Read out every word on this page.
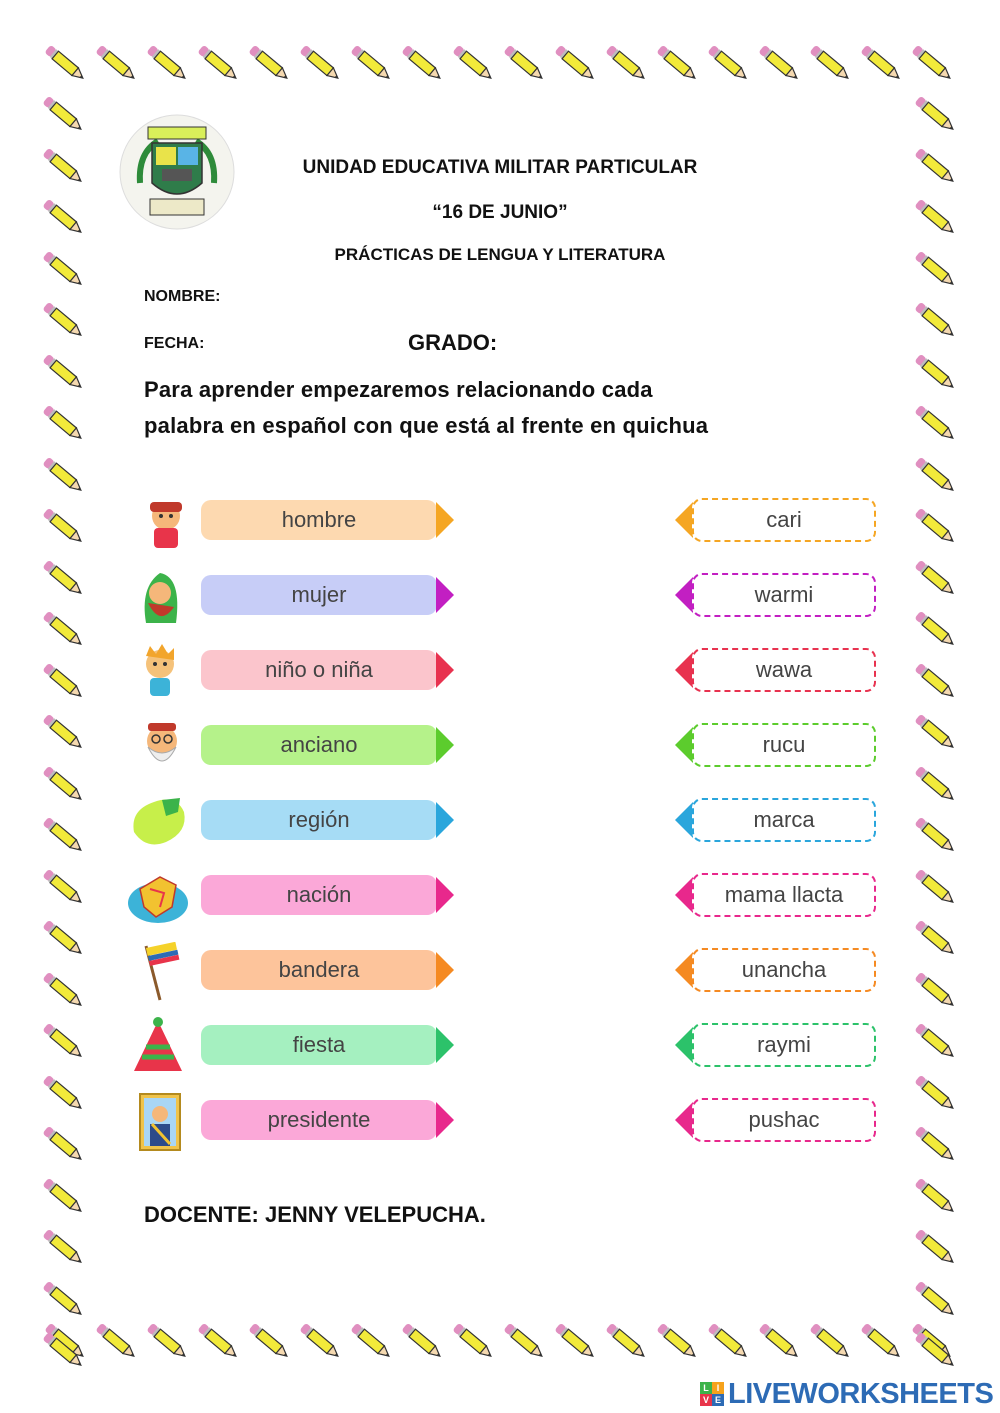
UNIDAD EDUCATIVA MILITAR PARTICULAR
“16 DE JUNIO”
PRÁCTICAS DE LENGUA Y LITERATURA
NOMBRE:
FECHA:	GRADO:
Para aprender empezaremos relacionando cada
palabra en español con que está al frente en quichua
hombre	cari
mujer	warmi
niño o niña	wawa
anciano	rucu
región	marca
nación	mama llacta
bandera	unancha
fiesta	raymi
presidente	pushac
DOCENTE: JENNY VELEPUCHA.
L I
V E LIVEWORKSHEETS
